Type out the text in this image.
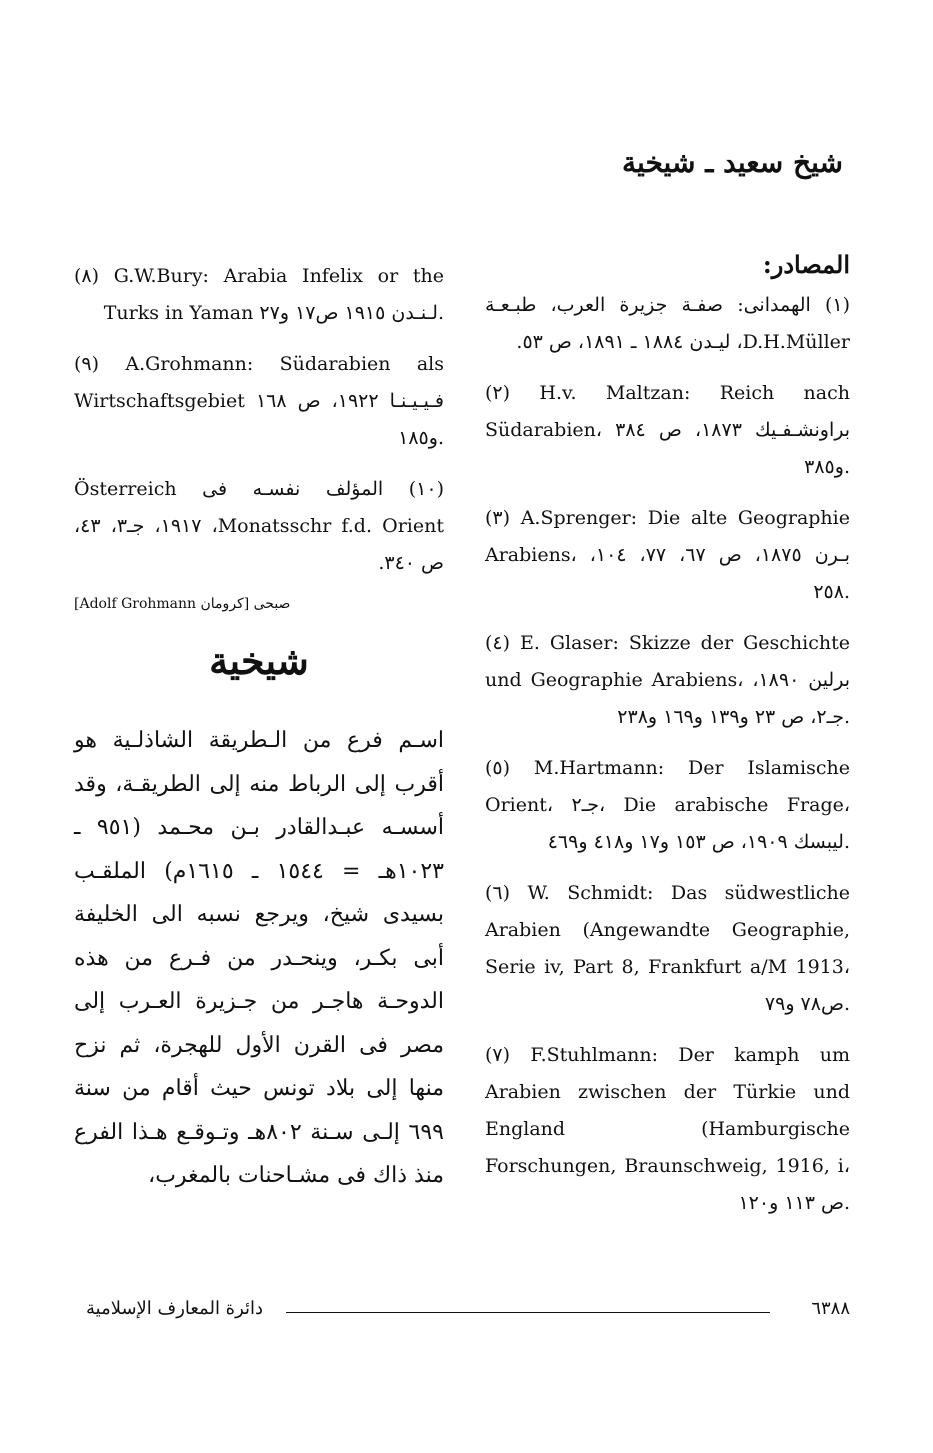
شيخ سعيد ـ شيخية
المصادر:

(١) الهمدانى: صفـة جزيرة العرب، طبـعـة D.H.Müller، ليـدن ١٨٨٤ ـ ١٨٩١، ص ٥٣.

(٢) H.v. Maltzan: Reich nach Südarabien، براونشـفـيك ١٨٧٣، ص ٣٨٤ و٣٨٥.

(٣) A.Sprenger: Die alte Geographie Arabiens، بـرن ١٨٧٥، ص ٦٧، ٧٧، ١٠٤، ٢٥٨.

(٤) E. Glaser: Skizze der Geschichte und Geographie Arabiens، برلين ١٨٩٠، جـ٢، ص ٢٣ و١٣٩ و١٦٩ و٢٣٨.

(٥) M.Hartmann: Der Islamische Orient، جـ٢، Die arabische Frage، ليبسك ١٩٠٩، ص ١٥٣ و١٧ و٤١٨ و٤٦٩.

(٦) W. Schmidt: Das südwestliche Arabien (Angewandte Geographie, Serie iv, Part 8, Frankfurt a/M 1913، ص٧٨ و٧٩.

(٧) F.Stuhlmann: Der kamph um Arabien zwischen der Türkie und England (Hamburgische Forschungen, Braunschweig, 1916, i، ص ١١٣ و١٢٠.

(٨) G.W.Bury: Arabia Infelix or the Turks in Yaman لـنـدن ١٩١٥ ص١٧ و٢٧.

(٩) A.Grohmann: Südarabien als Wirtschaftsgebiet فـيـيـنـا ١٩٢٢، ص ١٦٨ و١٨٥.

(١٠) المؤلف نفسـه فى Österreich Monatsschr f.d. Orient، ١٩١٧، جـ٣، ٤٣، ص ٣٤٠.

صبحى [كرومان Adolf Grohmann]
شيخية
اسـم فرع من الـطريقة الشاذلـية هو أقرب إلى الرباط منه إلى الطريقـة، وقد أسسـه عبـدالقادر بـن محـمد (٩٥١ ـ ١٠٢٣هـ = ١٥٤٤ ـ ١٦١٥م) الملقـب بسيدى شيخ، ويرجع نسبه الى الخليفة أبى بكـر، وينحـدر من فـرع من هذه الدوحـة هاجـر من جـزيرة العـرب إلى مصر فى القرن الأول للهجرة، ثم نزح منها إلى بلاد تونس حيث أقام من سنة ٦٩٩ إلـى سـنة ٨٠٢هـ وتـوقـع هـذا الفرع منذ ذاك فى مشـاحنات بالمغرب،
دائرة المعارف الإسلامية	٦٣٨٨
